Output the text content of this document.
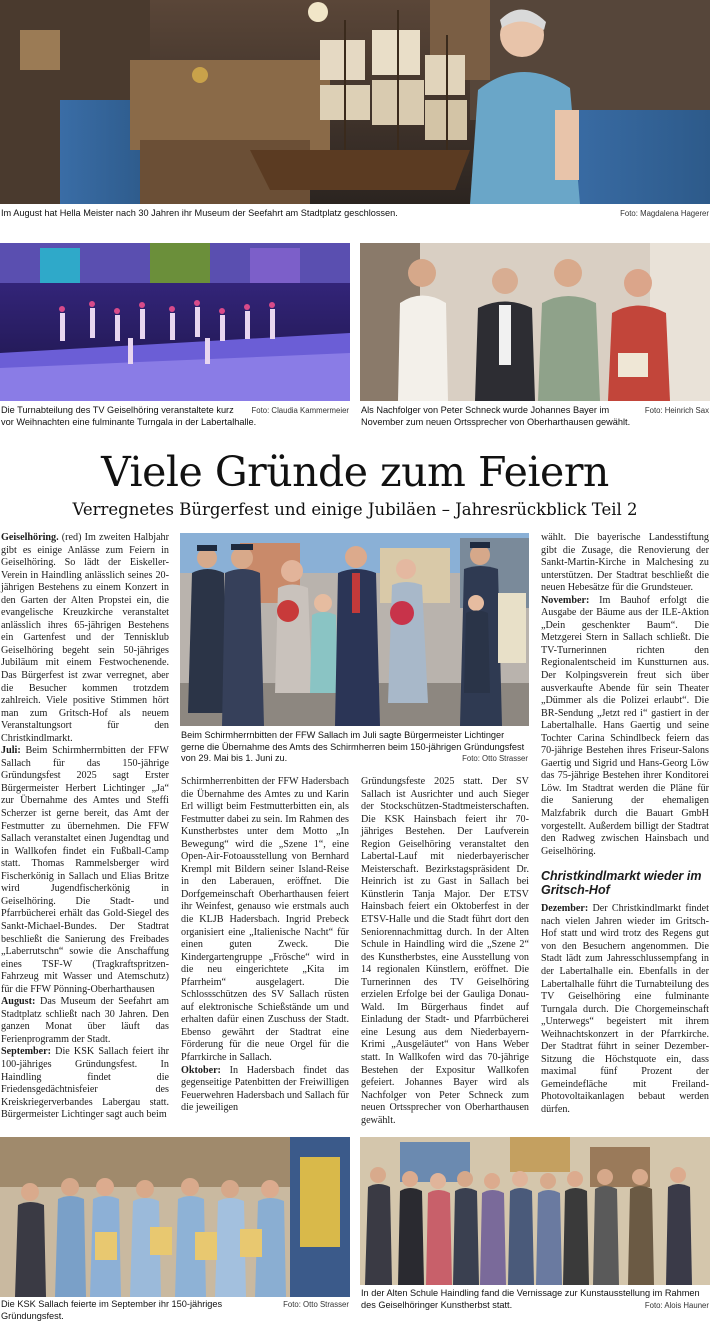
Foto: Magdalena Hagerer
Im August hat Hella Meister nach 30 Jahren ihr Museum der Seefahrt am Stadtplatz geschlossen.
Foto: Claudia Kammermeier
Die Turnabteilung des TV Geiselhöring veranstaltete kurz vor Weihnachten eine fulminante Turngala in der Labertalhalle.
Foto: Heinrich Sax
Als Nachfolger von Peter Schneck wurde Johannes Bayer im November zum neuen Ortssprecher von Oberharthausen gewählt.
Viele Gründe zum Feiern
Verregnetes Bürgerfest und einige Jubiläen – Jahresrückblick Teil 2

Geiselhöring. (red) Im zweiten Halbjahr gibt es einige Anlässe zum Feiern in Geiselhöring. So lädt der Eiskeller-Verein in Haindling anlässlich seines 20-jährigen Bestehens zu einem Konzert in den Garten der Alten Propstei ein, die evangelische Kreuzkirche veranstaltet anlässlich ihres 65-jährigen Bestehens ein Gartenfest und der Tennisklub Geiselhöring begeht sein 50-jähriges Jubiläum mit einem Festwochenende. Das Bürgerfest ist zwar verregnet, aber die Besucher kommen trotzdem zahlreich. Viele positive Stimmen hört man zum Gritsch-Hof als neuem Veranstaltungsort für den Christkindlmarkt.

Juli: Beim Schirmherrnbitten der FFW Sallach für das 150-jährige Gründungsfest 2025 sagt Erster Bürgermeister Herbert Lichtinger „Ja“ zur Übernahme des Amtes und Steffi Scherzer ist gerne bereit, das Amt der Festmutter zu übernehmen. Die FFW Sallach veranstaltet einen Jugendtag und in Wallkofen findet ein Fußball-Camp statt. Thomas Rammelsberger wird Fischerkönig in Sallach und Elias Britze wird Jugendfischerkönig in Geiselhöring. Die Stadt- und Pfarrbücherei erhält das Gold-Siegel des Sankt-Michael-Bundes. Der Stadtrat beschließt die Sanierung des Freibades „Laberrutschn“ sowie die Anschaffung eines TSF-W (Tragkraftspritzen-Fahrzeug mit Wasser und Atemschutz) für die FFW Pönning-Oberharthausen

August: Das Museum der Seefahrt am Stadtplatz schließt nach 30 Jahren. Den ganzen Monat über läuft das Ferienprogramm der Stadt.

September: Die KSK Sallach feiert ihr 100-jähriges Gründungsfest. In Haindling findet die Friedensgedächtnisfeier des Kreiskriegerverbandes Labergau statt. Bürgermeister Lichtinger sagt auch beim

Beim Schirmherrnbitten der FFW Sallach im Juli sagte Bürgermeister Lichtinger gerne die Übernahme des Amts des Schirmherren beim 150-jährigen Gründungsfest von 29. Mai bis 1. Juni zu.	Foto: Otto Strasser

Schirmherrenbitten der FFW Hadersbach die Übernahme des Amtes zu und Karin Erl willigt beim Festmutterbitten ein, als Festmutter dabei zu sein. Im Rahmen des Kunstherbstes unter dem Motto „In Bewegung“ wird die „Szene 1“, eine Open-Air-Fotoausstellung von Bernhard Krempl mit Bildern seiner Island-Reise in den Laberauen, eröffnet. Die Dorfgemeinschaft Oberharthausen feiert ihr Weinfest, genauso wie erstmals auch die KLJB Hadersbach. Ingrid Prebeck organisiert eine „Italienische Nacht“ für einen guten Zweck. Die Kindergartengruppe „Frösche“ wird in die neu eingerichtete „Kita im Pfarrheim“ ausgelagert. Die Schlossschützen des SV Sallach rüsten auf elektronische Schießstände um und erhalten dafür einen Zuschuss der Stadt. Ebenso gewährt der Stadtrat eine Förderung für die neue Orgel für die Pfarrkirche in Sallach.

Oktober: In Hadersbach findet das gegenseitige Patenbitten der Freiwilligen Feuerwehren Hadersbach und Sallach für die jeweiligen

Gründungsfeste 2025 statt. Der SV Sallach ist Ausrichter und auch Sieger der Stockschützen-Stadtmeisterschaften. Die KSK Hainsbach feiert ihr 70-jähriges Bestehen. Der Laufverein Region Geiselhöring veranstaltet den Labertal-Lauf mit niederbayerischer Meisterschaft. Bezirkstagspräsident Dr. Heinrich ist zu Gast in Sallach bei Künstlerin Tanja Major. Der ETSV Hainsbach feiert ein Oktoberfest in der ETSV-Halle und die Stadt führt dort den Seniorennachmittag durch. In der Alten Schule in Haindling wird die „Szene 2“ des Kunstherbstes, eine Ausstellung von 14 regionalen Künstlern, eröffnet. Die Turnerinnen des TV Geiselhöring erzielen Erfolge bei der Gauliga Donau-Wald. Im Bürgerhaus findet auf Einladung der Stadt- und Pfarrbücherei eine Lesung aus dem Niederbayern-Krimi „Ausgeläutet“ von Hans Weber statt. In Wallkofen wird das 70-jährige Bestehen der Expositur Wallkofen gefeiert. Johannes Bayer wird als Nachfolger von Peter Schneck zum neuen Ortssprecher von Oberharthausen gewählt.

wählt. Die bayerische Landesstiftung gibt die Zusage, die Renovierung der Sankt-Martin-Kirche in Malchesing zu unterstützen. Der Stadtrat beschließt die neuen Hebesätze für die Grundsteuer.

November: Im Bauhof erfolgt die Ausgabe der Bäume aus der ILE-Aktion „Dein geschenkter Baum“. Die Metzgerei Stern in Sallach schließt. Die TV-Turnerinnen richten den Regionalentscheid im Kunstturnen aus. Der Kolpingsverein freut sich über ausverkaufte Abende für sein Theater „Dümmer als die Polizei erlaubt“. Die BR-Sendung „Jetzt red i“ gastiert in der Labertalhalle. Hans Gaertig und seine Tochter Carina Schindlbeck feiern das 70-jährige Bestehen ihres Friseur-Salons Gaertig und Sigrid und Hans-Georg Löw das 75-jährige Bestehen ihrer Konditorei Löw. Im Stadtrat werden die Pläne für die Sanierung der ehemaligen Malzfabrik durch die Bauart GmbH vorgestellt. Außerdem billigt der Stadtrat den Radweg zwischen Hainsbach und Geiselhöring.

Christkindlmarkt wieder im Gritsch-Hof

Dezember: Der Christkindlmarkt findet nach vielen Jahren wieder im Gritsch-Hof statt und wird trotz des Regens gut von den Besuchern angenommen. Die Stadt lädt zum Jahresschlussempfang in der Labertalhalle ein. Ebenfalls in der Labertalhalle führt die Turnabteilung des TV Geiselhöring eine fulminante Turngala durch. Die Chorgemeinschaft „Unterwegs“ begeistert mit ihrem Weihnachtskonzert in der Pfarrkirche. Der Stadtrat führt in seiner Dezember-Sitzung die Höchstquote ein, dass maximal fünf Prozent der Gemeindefläche mit Freiland-Photovoltaikanlagen bebaut werden dürfen.

Foto: Otto Strasser
Die KSK Sallach feierte im September ihr 150-jähriges Gründungsfest.
In der Alten Schule Haindling fand die Vernissage zur Kunstausstellung im Rahmen des Geiselhöringer Kunstherbst statt.	Foto: Alois Hauner
